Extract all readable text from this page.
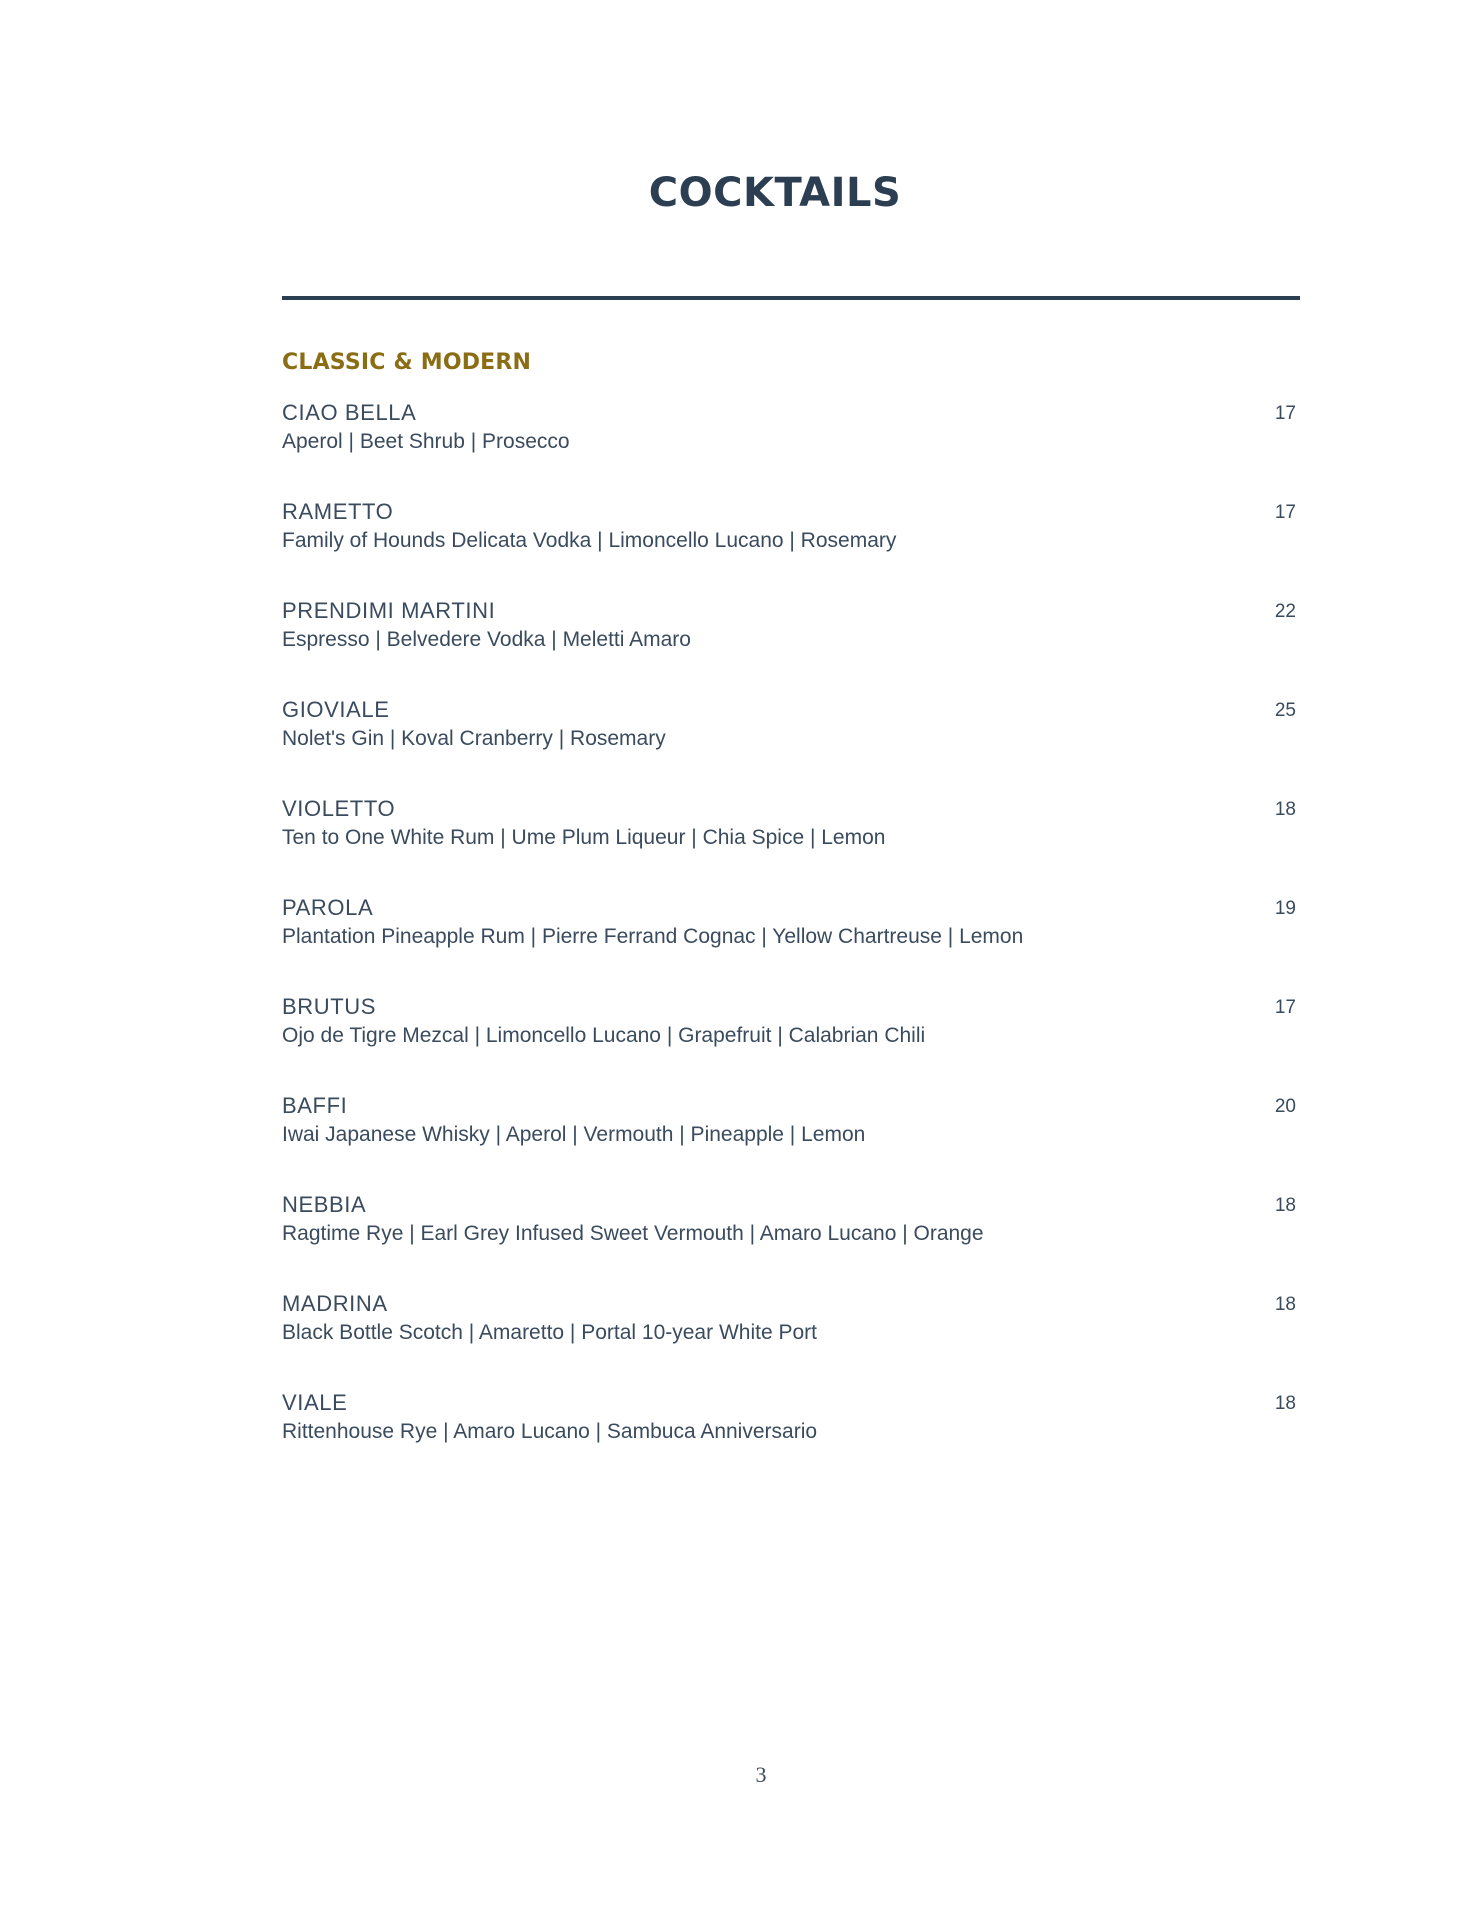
COCKTAILS
CLASSIC & MODERN
CIAO BELLA	17
Aperol | Beet Shrub | Prosecco
RAMETTO	17
Family of Hounds Delicata Vodka | Limoncello Lucano | Rosemary
PRENDIMI MARTINI	22
Espresso | Belvedere Vodka | Meletti Amaro
GIOVIALE	25
Nolet's Gin | Koval Cranberry | Rosemary
VIOLETTO	18
Ten to One White Rum | Ume Plum Liqueur | Chia Spice | Lemon
PAROLA	19
Plantation Pineapple Rum | Pierre Ferrand Cognac | Yellow Chartreuse | Lemon
BRUTUS	17
Ojo de Tigre Mezcal | Limoncello Lucano | Grapefruit | Calabrian Chili
BAFFI	20
Iwai Japanese Whisky | Aperol | Vermouth | Pineapple | Lemon
NEBBIA	18
Ragtime Rye | Earl Grey Infused Sweet Vermouth | Amaro Lucano | Orange
MADRINA	18
Black Bottle Scotch | Amaretto | Portal 10-year White Port
VIALE	18
Rittenhouse Rye | Amaro Lucano | Sambuca Anniversario
3
